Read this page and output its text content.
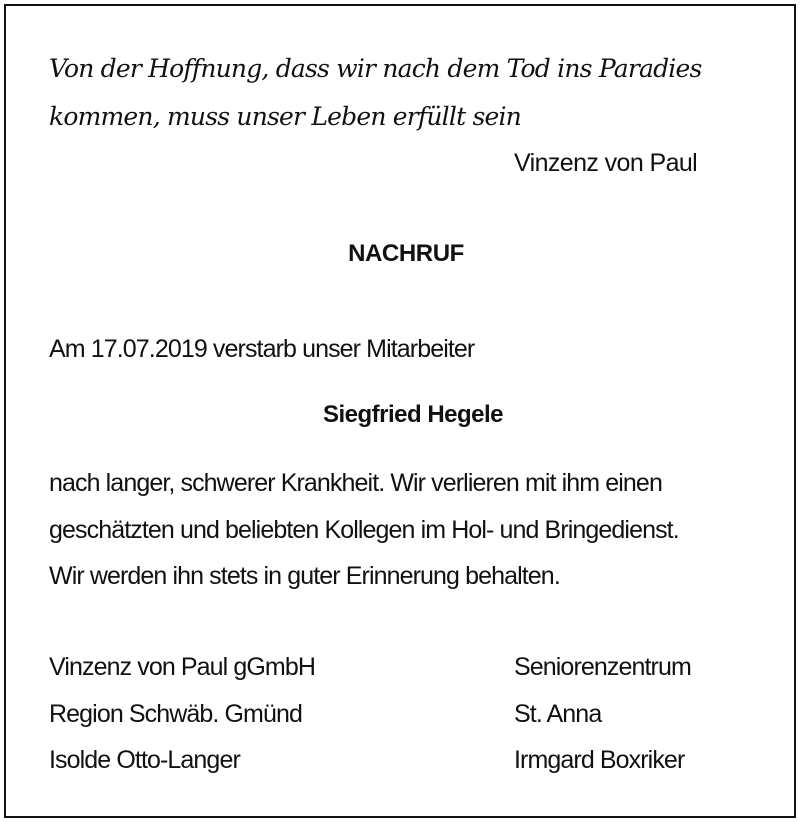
Von der Hoffnung, dass wir nach dem Tod ins Paradies
kommen, muss unser Leben erfüllt sein
Vinzenz von Paul
NACHRUF
Am 17.07.2019 verstarb unser Mitarbeiter
Siegfried Hegele
nach langer, schwerer Krankheit. Wir verlieren mit ihm einen
geschätzten und beliebten Kollegen im Hol- und Bringedienst.
Wir werden ihn stets in guter Erinnerung behalten.
Vinzenz von Paul gGmbH
Region Schwäb. Gmünd
Isolde Otto-Langer
Seniorenzentrum
St. Anna
Irmgard Boxriker
